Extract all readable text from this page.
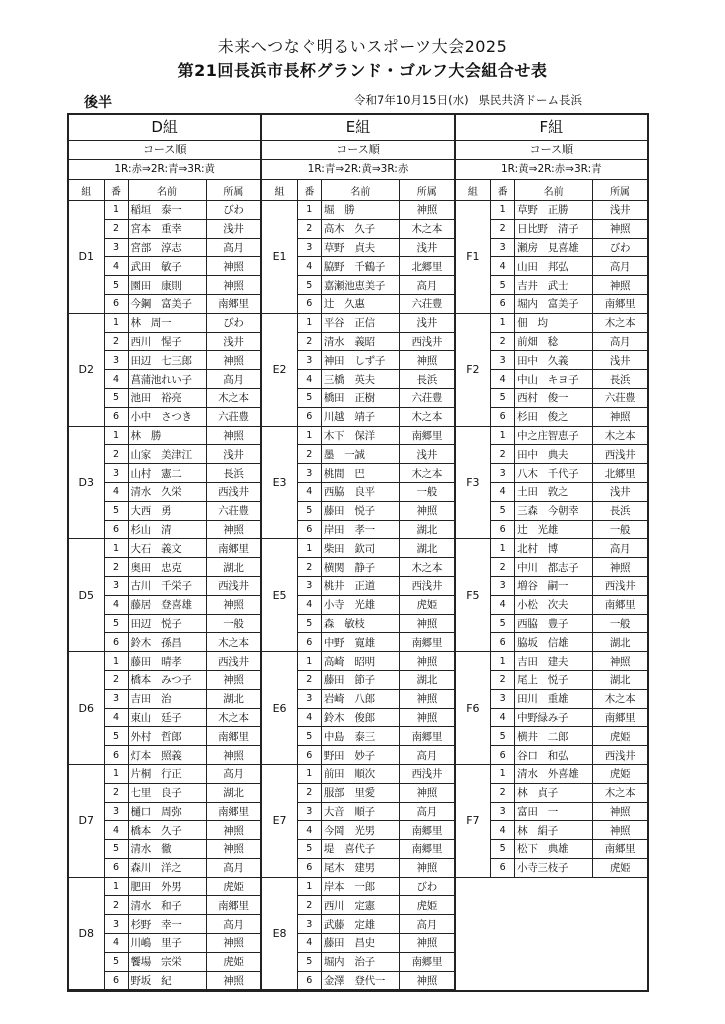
未来へつなぐ明るいスポーツ大会2025
第21回長浜市長杯グランド・ゴルフ大会組合せ表
後半	令和7年10月15日(水) 県民共済ドーム長浜
D組
コース順
1R:赤⇒2R:青⇒3R:黄
組	番	名前	所属
D1	1	稲垣　泰一	びわ
	2	宮本　重幸	浅井
	3	宮部　淳志	高月
	4	武田　敏子	神照
	5	園田　康則	神照
	6	今鋼　富美子	南郷里
D2	1	林　周一	びわ
	2	西川　惺子	浅井
	3	田辺　七三郎	神照
	4	菖蒲池れい子	高月
	5	池田　裕亮	木之本
	6	小中　さつき	六荘豊
D3	1	林　勝	神照
	2	山家　美津江	浅井
	3	山村　憲二	長浜
	4	清水　久栄	西浅井
	5	大西　勇	六荘豊
	6	杉山　清	神照
D5	1	大石　義文	南郷里
	2	奥田　忠克	湖北
	3	古川　千栄子	西浅井
	4	藤居　登喜雄	神照
	5	田辺　悦子	一般
	6	鈴木　孫昌	木之本
D6	1	藤田　晴孝	西浅井
	2	橋本　みつ子	神照
	3	吉田　治	湖北
	4	東山　廷子	木之本
	5	外村　哲郎	南郷里
	6	灯本　照義	神照
D7	1	片桐　行正	高月
	2	七里　良子	湖北
	3	樋口　周弥	南郷里
	4	橋本　久子	神照
	5	清水　徹	神照
	6	森川　洋之	高月
D8	1	肥田　外男	虎姫
	2	清水　和子	南郷里
	3	杉野　幸一	高月
	4	川嶋　里子	神照
	5	饗場　宗栄	虎姫
	6	野坂　紀	神照
E組
コース順
1R:青⇒2R:黄⇒3R:赤
組	番	名前	所属
E1	1	堀　勝	神照
	2	高木　久子	木之本
	3	草野　貞夫	浅井
	4	脇野　千鶴子	北郷里
	5	嘉瀬池恵美子	高月
	6	辻　久惠	六荘豊
E2	1	平谷　正信	浅井
	2	清水　義昭	西浅井
	3	神田　しず子	神照
	4	三橋　英夫	長浜
	5	橋田　正樹	六荘豊
	6	川越　靖子	木之本
E3	1	木下　保洋	南郷里
	2	墨　一誠	浅井
	3	桃間　巴	木之本
	4	西脇　良平	一般
	5	藤田　悦子	神照
	6	岸田　孝一	湖北
E5	1	柴田　欽司	湖北
	2	横関　静子	木之本
	3	桃井　正道	西浅井
	4	小寺　光雄	虎姫
	5	森　敏枝	神照
	6	中野　寛雄	南郷里
E6	1	高崎　昭明	神照
	2	藤田　節子	湖北
	3	岩崎　八郎	神照
	4	鈴木　俊郎	神照
	5	中島　泰三	南郷里
	6	野田　妙子	高月
E7	1	前田　順次	西浅井
	2	服部　里愛	神照
	3	大音　順子	高月
	4	今岡　光男	南郷里
	5	堤　喜代子	南郷里
	6	尾木　建男	神照
E8	1	岸本　一郎	びわ
	2	西川　定憲	虎姫
	3	武藤　定雄	高月
	4	藤田　昌史	神照
	5	堀内　治子	南郷里
	6	金澤　登代一	神照
F組
コース順
1R:黄⇒2R:赤⇒3R:青
組	番	名前	所属
F1	1	草野　正勝	浅井
	2	日比野　清子	神照
	3	瀬房　見喜雄	びわ
	4	山田　邦弘	高月
	5	吉井　武士	神照
	6	堀内　富美子	南郷里
F2	1	佃　均	木之本
	2	前畑　稔	高月
	3	田中　久義	浅井
	4	中山　キヨ子	長浜
	5	西村　俊一	六荘豊
	6	杉田　俊之	神照
F3	1	中之庄智恵子	木之本
	2	田中　典夫	西浅井
	3	八木　千代子	北郷里
	4	土田　敦之	浅井
	5	三森　今朝幸	長浜
	6	辻　光雄	一般
F5	1	北村　博	高月
	2	中川　都志子	神照
	3	増谷　嗣一	西浅井
	4	小松　次夫	南郷里
	5	西脇　豊子	一般
	6	脇坂　信雄	湖北
F6	1	吉田　建夫	神照
	2	尾上　悦子	湖北
	3	田川　重雄	木之本
	4	中野緑み子	南郷里
	5	横井　二郎	虎姫
	6	谷口　和弘	西浅井
F7	1	清水　外喜雄	虎姫
	2	林　貞子	木之本
	3	富田　一	神照
	4	林　絹子	神照
	5	松下　典雄	南郷里
	6	小寺三枝子	虎姫
